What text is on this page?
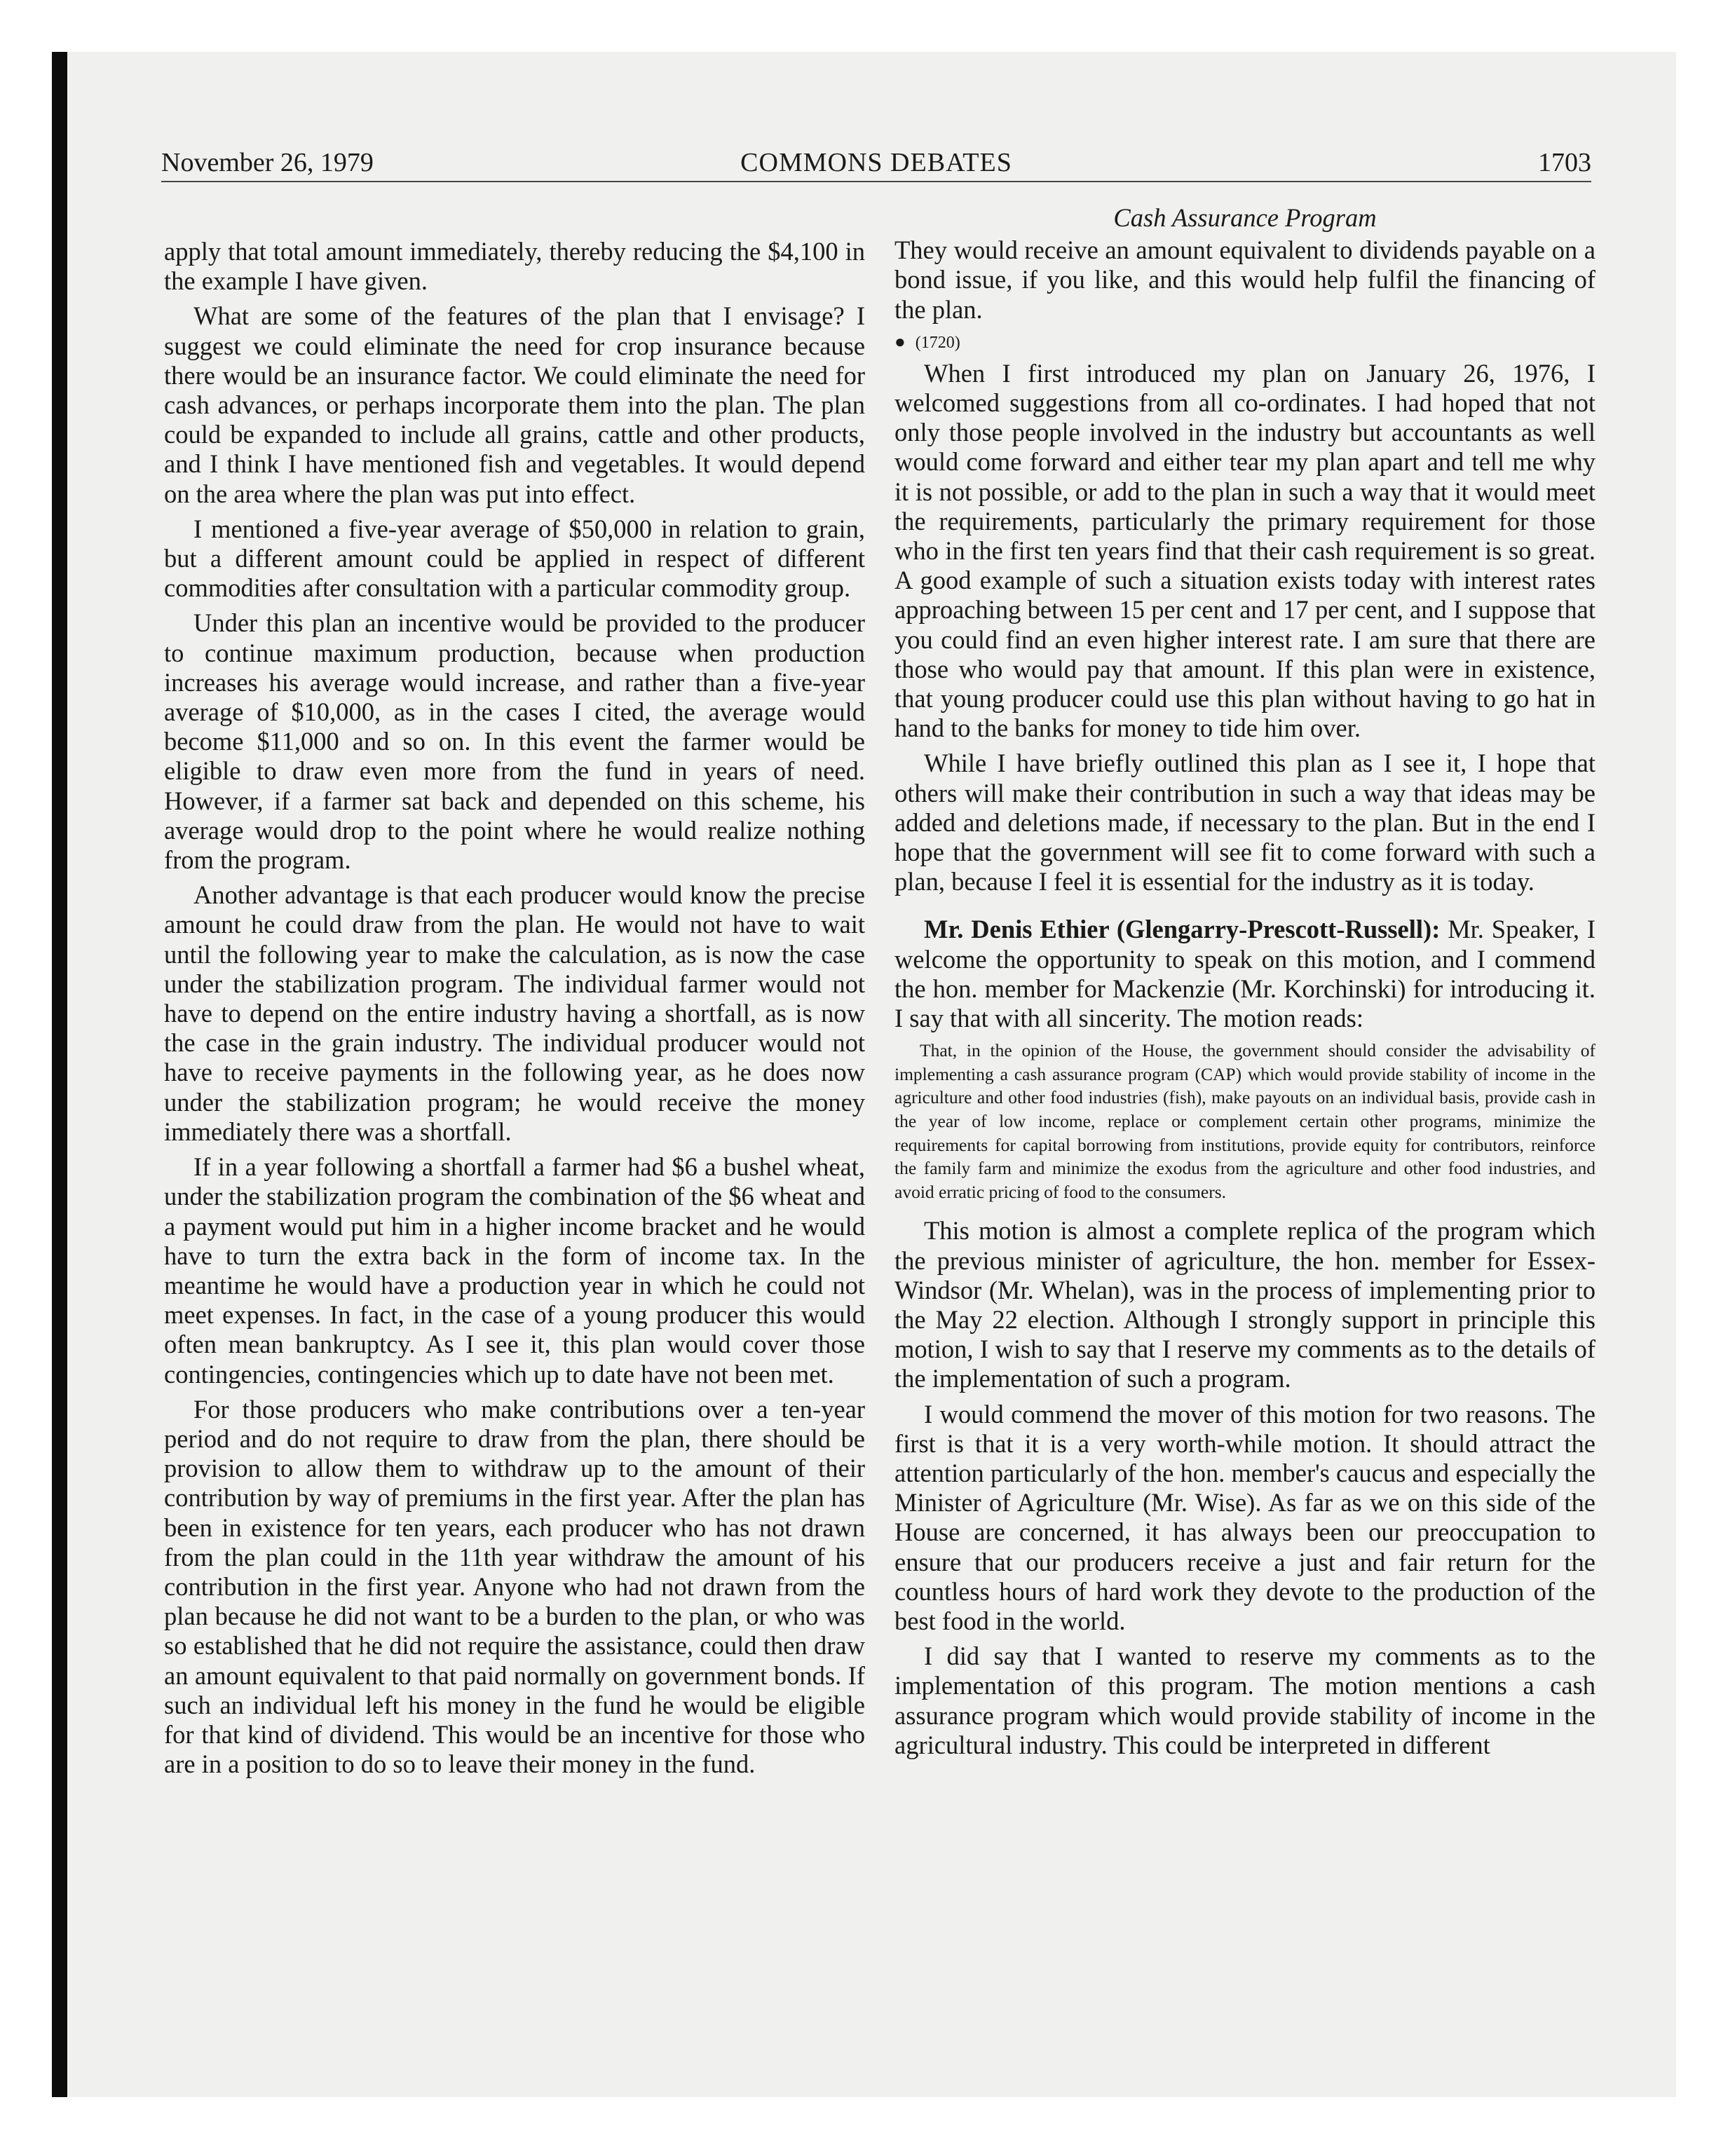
November 26, 1979	COMMONS DEBATES	1703

apply that total amount immediately, thereby reducing the $4,100 in the example I have given.

What are some of the features of the plan that I envisage? I suggest we could eliminate the need for crop insurance because there would be an insurance factor. We could eliminate the need for cash advances, or perhaps incorporate them into the plan. The plan could be expanded to include all grains, cattle and other products, and I think I have mentioned fish and vegetables. It would depend on the area where the plan was put into effect.

I mentioned a five-year average of $50,000 in relation to grain, but a different amount could be applied in respect of different commodities after consultation with a particular commodity group.

Under this plan an incentive would be provided to the producer to continue maximum production, because when production increases his average would increase, and rather than a five-year average of $10,000, as in the cases I cited, the average would become $11,000 and so on. In this event the farmer would be eligible to draw even more from the fund in years of need. However, if a farmer sat back and depended on this scheme, his average would drop to the point where he would realize nothing from the program.

Another advantage is that each producer would know the precise amount he could draw from the plan. He would not have to wait until the following year to make the calculation, as is now the case under the stabilization program. The individual farmer would not have to depend on the entire industry having a shortfall, as is now the case in the grain industry. The individual producer would not have to receive payments in the following year, as he does now under the stabilization program; he would receive the money immediately there was a shortfall.

If in a year following a shortfall a farmer had $6 a bushel wheat, under the stabilization program the combination of the $6 wheat and a payment would put him in a higher income bracket and he would have to turn the extra back in the form of income tax. In the meantime he would have a production year in which he could not meet expenses. In fact, in the case of a young producer this would often mean bankruptcy. As I see it, this plan would cover those contingencies, contingencies which up to date have not been met.

For those producers who make contributions over a ten-year period and do not require to draw from the plan, there should be provision to allow them to withdraw up to the amount of their contribution by way of premiums in the first year. After the plan has been in existence for ten years, each producer who has not drawn from the plan could in the 11th year withdraw the amount of his contribution in the first year. Anyone who had not drawn from the plan because he did not want to be a burden to the plan, or who was so established that he did not require the assistance, could then draw an amount equivalent to that paid normally on government bonds. If such an individual left his money in the fund he would be eligible for that kind of dividend. This would be an incentive for those who are in a position to do so to leave their money in the fund.

Cash Assurance Program

They would receive an amount equivalent to dividends payable on a bond issue, if you like, and this would help fulfil the financing of the plan.

● (1720)

When I first introduced my plan on January 26, 1976, I welcomed suggestions from all co-ordinates. I had hoped that not only those people involved in the industry but accountants as well would come forward and either tear my plan apart and tell me why it is not possible, or add to the plan in such a way that it would meet the requirements, particularly the primary requirement for those who in the first ten years find that their cash requirement is so great. A good example of such a situation exists today with interest rates approaching between 15 per cent and 17 per cent, and I suppose that you could find an even higher interest rate. I am sure that there are those who would pay that amount. If this plan were in existence, that young producer could use this plan without having to go hat in hand to the banks for money to tide him over.

While I have briefly outlined this plan as I see it, I hope that others will make their contribution in such a way that ideas may be added and deletions made, if necessary to the plan. But in the end I hope that the government will see fit to come forward with such a plan, because I feel it is essential for the industry as it is today.

Mr. Denis Ethier (Glengarry-Prescott-Russell): Mr. Speaker, I welcome the opportunity to speak on this motion, and I commend the hon. member for Mackenzie (Mr. Korchinski) for introducing it. I say that with all sincerity. The motion reads:

That, in the opinion of the House, the government should consider the advisability of implementing a cash assurance program (CAP) which would provide stability of income in the agriculture and other food industries (fish), make payouts on an individual basis, provide cash in the year of low income, replace or complement certain other programs, minimize the requirements for capital borrowing from institutions, provide equity for contributors, reinforce the family farm and minimize the exodus from the agriculture and other food industries, and avoid erratic pricing of food to the consumers.

This motion is almost a complete replica of the program which the previous minister of agriculture, the hon. member for Essex-Windsor (Mr. Whelan), was in the process of implementing prior to the May 22 election. Although I strongly support in principle this motion, I wish to say that I reserve my comments as to the details of the implementation of such a program.

I would commend the mover of this motion for two reasons. The first is that it is a very worth-while motion. It should attract the attention particularly of the hon. member's caucus and especially the Minister of Agriculture (Mr. Wise). As far as we on this side of the House are concerned, it has always been our preoccupation to ensure that our producers receive a just and fair return for the countless hours of hard work they devote to the production of the best food in the world.

I did say that I wanted to reserve my comments as to the implementation of this program. The motion mentions a cash assurance program which would provide stability of income in the agricultural industry. This could be interpreted in different
